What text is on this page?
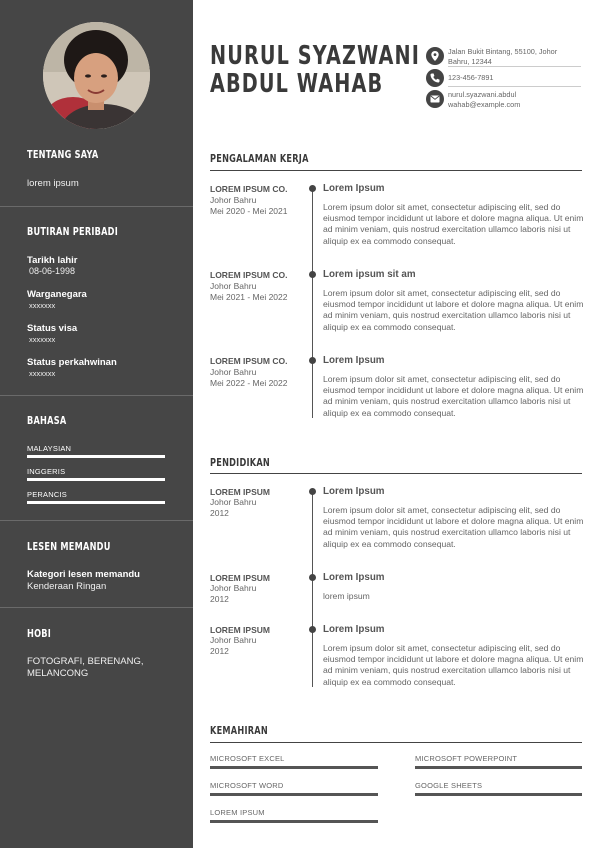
TENTANG SAYA
lorem ipsum
BUTIRAN PERIBADI
Tarikh lahir
08-06-1998
Warganegara
xxxxxxx
Status visa
xxxxxxx
Status perkahwinan
xxxxxxx
BAHASA
MALAYSIAN
INGGERIS
PERANCIS
LESEN MEMANDU
Kategori lesen memandu
Kenderaan Ringan
HOBI
FOTOGRAFI, BERENANG,
MELANCONG
NURUL SYAZWANI
ABDUL WAHAB
Jalan Bukit Bintang, 55100, Johor Bahru, 12344
123-456-7891
nurul.syazwani.abdul wahab@example.com
PENGALAMAN KERJA
LOREM IPSUM CO.
Johor Bahru
Mei 2020 - Mei 2021
Lorem Ipsum
Lorem ipsum dolor sit amet, consectetur adipiscing elit, sed do eiusmod tempor incididunt ut labore et dolore magna aliqua. Ut enim ad minim veniam, quis nostrud exercitation ullamco laboris nisi ut aliquip ex ea commodo consequat.
LOREM IPSUM CO.
Johor Bahru
Mei 2021 - Mei 2022
Lorem ipsum sit am
Lorem ipsum dolor sit amet, consectetur adipiscing elit, sed do eiusmod tempor incididunt ut labore et dolore magna aliqua. Ut enim ad minim veniam, quis nostrud exercitation ullamco laboris nisi ut aliquip ex ea commodo consequat.
LOREM IPSUM CO.
Johor Bahru
Mei 2022 - Mei 2022
Lorem Ipsum
Lorem ipsum dolor sit amet, consectetur adipiscing elit, sed do eiusmod tempor incididunt ut labore et dolore magna aliqua. Ut enim ad minim veniam, quis nostrud exercitation ullamco laboris nisi ut aliquip ex ea commodo consequat.
PENDIDIKAN
LOREM IPSUM
Johor Bahru
2012
Lorem Ipsum
Lorem ipsum dolor sit amet, consectetur adipiscing elit, sed do eiusmod tempor incididunt ut labore et dolore magna aliqua. Ut enim ad minim veniam, quis nostrud exercitation ullamco laboris nisi ut aliquip ex ea commodo consequat.
LOREM IPSUM
Johor Bahru
2012
Lorem Ipsum
lorem ipsum
LOREM IPSUM
Johor Bahru
2012
Lorem Ipsum
Lorem ipsum dolor sit amet, consectetur adipiscing elit, sed do eiusmod tempor incididunt ut labore et dolore magna aliqua. Ut enim ad minim veniam, quis nostrud exercitation ullamco laboris nisi ut aliquip ex ea commodo consequat.
KEMAHIRAN
MICROSOFT EXCEL	MICROSOFT POWERPOINT
MICROSOFT WORD	GOOGLE SHEETS
LOREM IPSUM
